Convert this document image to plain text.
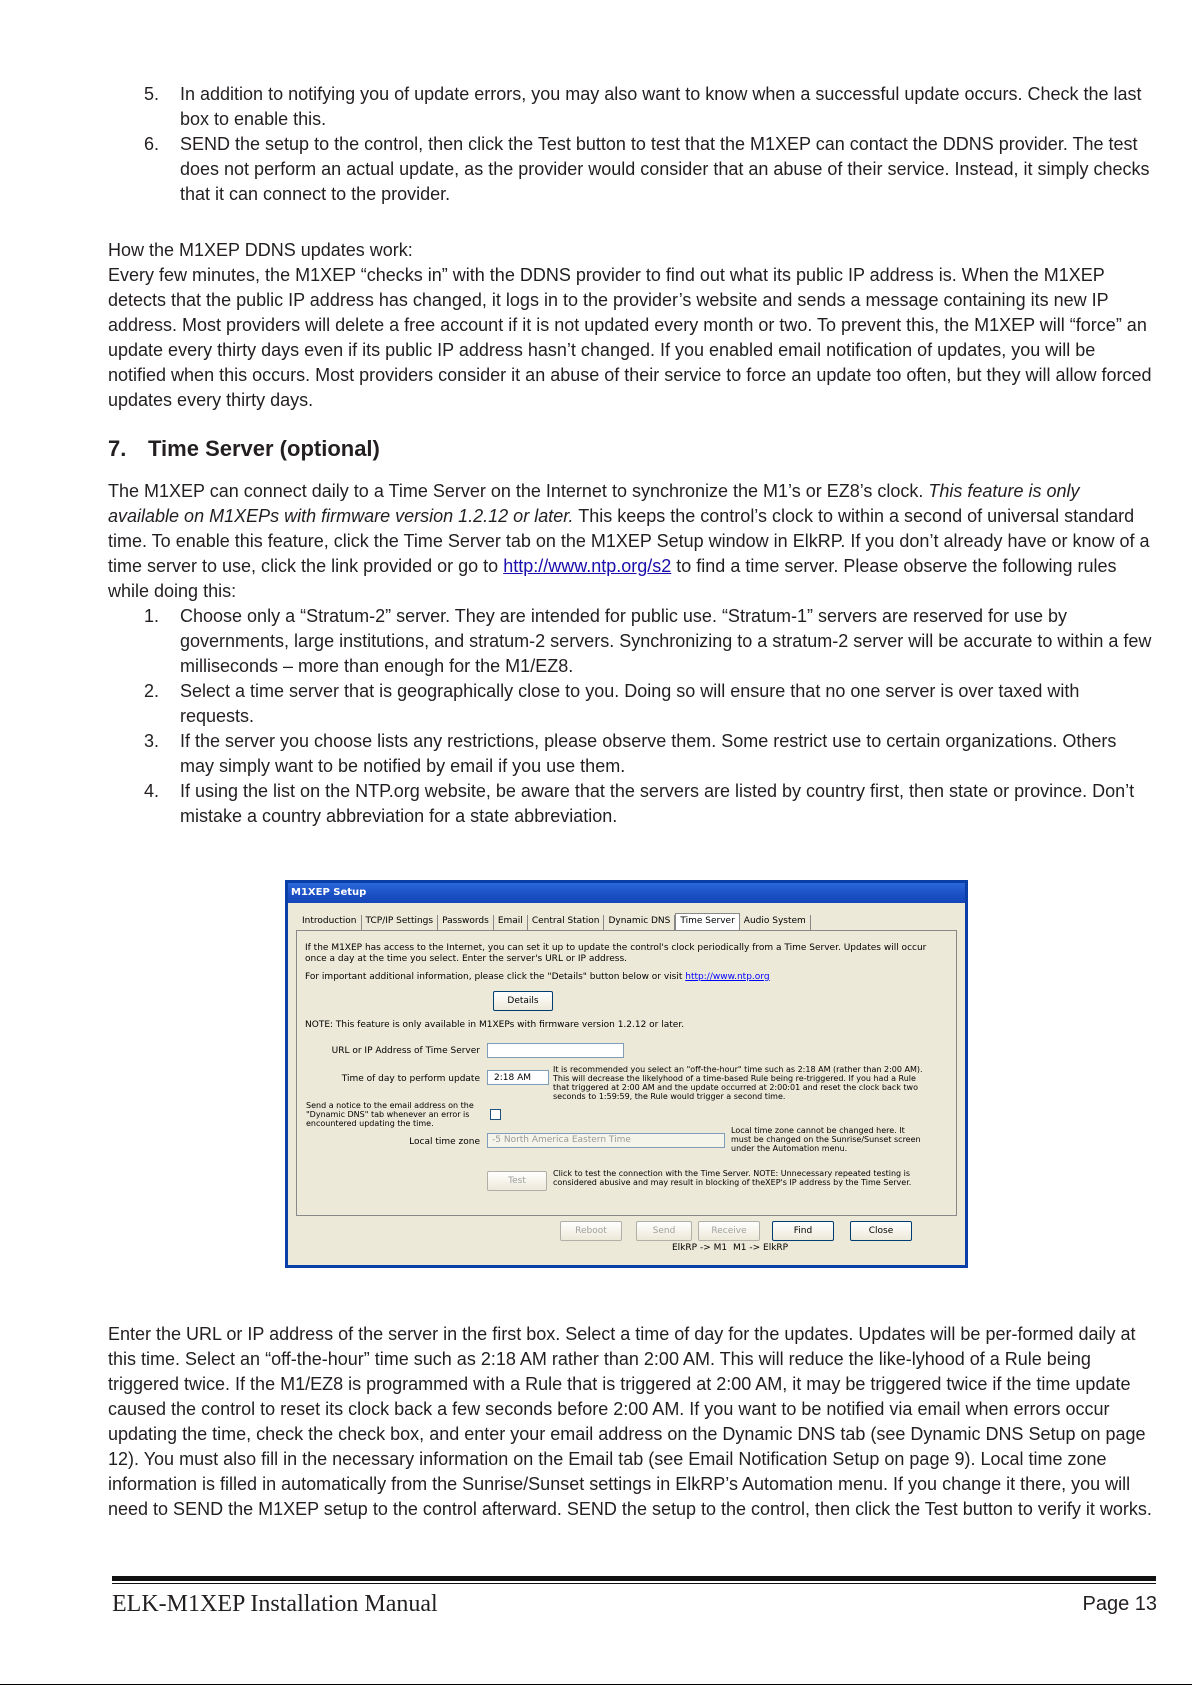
5. In addition to notifying you of update errors, you may also want to know when a successful update occurs. Check the last box to enable this.
6. SEND the setup to the control, then click the Test button to test that the M1XEP can contact the DDNS provider. The test does not perform an actual update, as the provider would consider that an abuse of their service. Instead, it simply checks that it can connect to the provider.

How the M1XEP DDNS updates work:

Every few minutes, the M1XEP “checks in” with the DDNS provider to find out what its public IP address is. When the M1XEP detects that the public IP address has changed, it logs in to the provider’s website and sends a message containing its new IP address. Most providers will delete a free account if it is not updated every month or two. To prevent this, the M1XEP will “force” an update every thirty days even if its public IP address hasn’t changed. If you enabled email notification of updates, you will be notified when this occurs. Most providers consider it an abuse of their service to force an update too often, but they will allow forced updates every thirty days.

7. Time Server (optional)

The M1XEP can connect daily to a Time Server on the Internet to synchronize the M1’s or EZ8’s clock. This feature is only available on M1XEPs with firmware version 1.2.12 or later. This keeps the control’s clock to within a second of universal standard time. To enable this feature, click the Time Server tab on the M1XEP Setup window in ElkRP. If you don’t already have or know of a time server to use, click the link provided or go to http://www.ntp.org/s2 to find a time server. Please observe the following rules while doing this:

1. Choose only a “Stratum-2” server. They are intended for public use. “Stratum-1” servers are reserved for use by governments, large institutions, and stratum-2 servers. Synchronizing to a stratum-2 server will be accurate to within a few milliseconds – more than enough for the M1/EZ8.
2. Select a time server that is geographically close to you. Doing so will ensure that no one server is over taxed with requests.
3. If the server you choose lists any restrictions, please observe them. Some restrict use to certain organizations. Others may simply want to be notified by email if you use them.
4. If using the list on the NTP.org website, be aware that the servers are listed by country first, then state or province. Don’t mistake a country abbreviation for a state abbreviation.
M1XEP Setup
Introduction	TCP/IP Settings	Passwords	Email	Central Station	Dynamic DNS	Time Server	Audio System
If the M1XEP has access to the Internet, you can set it up to update the control's clock periodically from a Time Server. Updates will occur once a day at the time you select. Enter the server's URL or IP address.
For important additional information, please click the "Details" button below or visit http://www.ntp.org
Details
NOTE: This feature is only available in M1XEPs with firmware version 1.2.12 or later.
URL or IP Address of Time Server
Time of day to perform update	2:18 AM
It is recommended you select an "off-the-hour" time such as 2:18 AM (rather than 2:00 AM). This will decrease the likelyhood of a time-based Rule being re-triggered. If you had a Rule that triggered at 2:00 AM and the update occurred at 2:00:01 and reset the clock back two seconds to 1:59:59, the Rule would trigger a second time.
Send a notice to the email address on the "Dynamic DNS" tab whenever an error is encountered updating the time.
Local time zone	-5 North America Eastern Time
Local time zone cannot be changed here. It must be changed on the Sunrise/Sunset screen under the Automation menu.
Test
Click to test the connection with the Time Server. NOTE: Unnecessary repeated testing is considered abusive and may result in blocking of theXEP's IP address by the Time Server.
Reboot	Send	Receive	Find	Close
ElkRP -> M1 M1 -> ElkRP
Enter the URL or IP address of the server in the first box. Select a time of day for the updates. Updates will be per-formed daily at this time. Select an “off-the-hour” time such as 2:18 AM rather than 2:00 AM. This will reduce the like-lyhood of a Rule being triggered twice. If the M1/EZ8 is programmed with a Rule that is triggered at 2:00 AM, it may be triggered twice if the time update caused the control to reset its clock back a few seconds before 2:00 AM. If you want to be notified via email when errors occur updating the time, check the check box, and enter your email address on the Dynamic DNS tab (see Dynamic DNS Setup on page 12). You must also fill in the necessary information on the Email tab (see Email Notification Setup on page 9). Local time zone information is filled in automatically from the Sunrise/Sunset settings in ElkRP’s Automation menu. If you change it there, you will need to SEND the M1XEP setup to the control afterward. SEND the setup to the control, then click the Test button to verify it works.
ELK-M1XEP Installation Manual	Page 13
